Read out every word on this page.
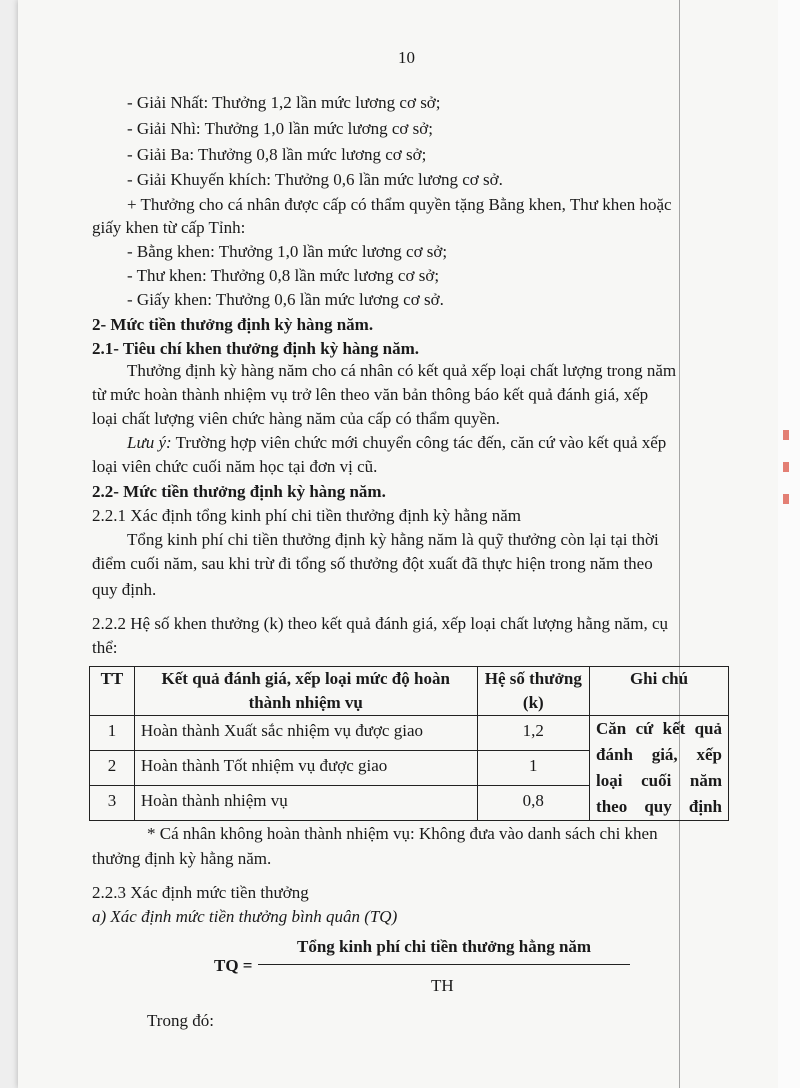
10
- Giải Nhất: Thưởng 1,2 lần mức lương cơ sở;
- Giải Nhì: Thưởng 1,0 lần mức lương cơ sở;
- Giải Ba: Thưởng 0,8 lần mức lương cơ sở;
- Giải Khuyến khích: Thưởng 0,6 lần mức lương cơ sở.
+ Thưởng cho cá nhân được cấp có thẩm quyền tặng Bằng khen, Thư khen hoặc
giấy khen từ cấp Tỉnh:
- Bằng khen: Thưởng 1,0 lần mức lương cơ sở;
- Thư khen: Thưởng 0,8 lần mức lương cơ sở;
- Giấy khen: Thưởng 0,6 lần mức lương cơ sở.
2- Mức tiền thưởng định kỳ hàng năm.
2.1- Tiêu chí khen thưởng định kỳ hàng năm.
Thưởng định kỳ hàng năm cho cá nhân có kết quả xếp loại chất lượng trong năm
từ mức hoàn thành nhiệm vụ trở lên theo văn bản thông báo kết quả đánh giá, xếp
loại chất lượng viên chức hàng năm của cấp có thẩm quyền.
Lưu ý: Trường hợp viên chức mới chuyển công tác đến, căn cứ vào kết quả xếp
loại viên chức cuối năm học tại đơn vị cũ.
2.2- Mức tiền thưởng định kỳ hàng năm.
2.2.1 Xác định tổng kinh phí chi tiền thưởng định kỳ hằng năm
Tổng kinh phí chi tiền thưởng định kỳ hằng năm là quỹ thưởng còn lại tại thời
điểm cuối năm, sau khi trừ đi tổng số thưởng đột xuất đã thực hiện trong năm theo
quy định.
2.2.2 Hệ số khen thưởng (k) theo kết quả đánh giá, xếp loại chất lượng hằng năm, cụ
thể:
TT	Kết quả đánh giá, xếp loại mức độ hoàn thành nhiệm vụ	Hệ số thưởng (k)	Ghi chú
1	Hoàn thành Xuất sắc nhiệm vụ được giao	1,2	Căn cứ kết quả đánh giá, xếp loại cuối năm theo quy định
2	Hoàn thành Tốt nhiệm vụ được giao	1	
3	Hoàn thành nhiệm vụ	0,8	
* Cá nhân không hoàn thành nhiệm vụ: Không đưa vào danh sách chi khen
thưởng định kỳ hằng năm.
2.2.3 Xác định mức tiền thưởng
a) Xác định mức tiền thưởng bình quân (TQ)
Tổng kinh phí chi tiền thưởng hằng năm
TQ =
TH
Trong đó:
